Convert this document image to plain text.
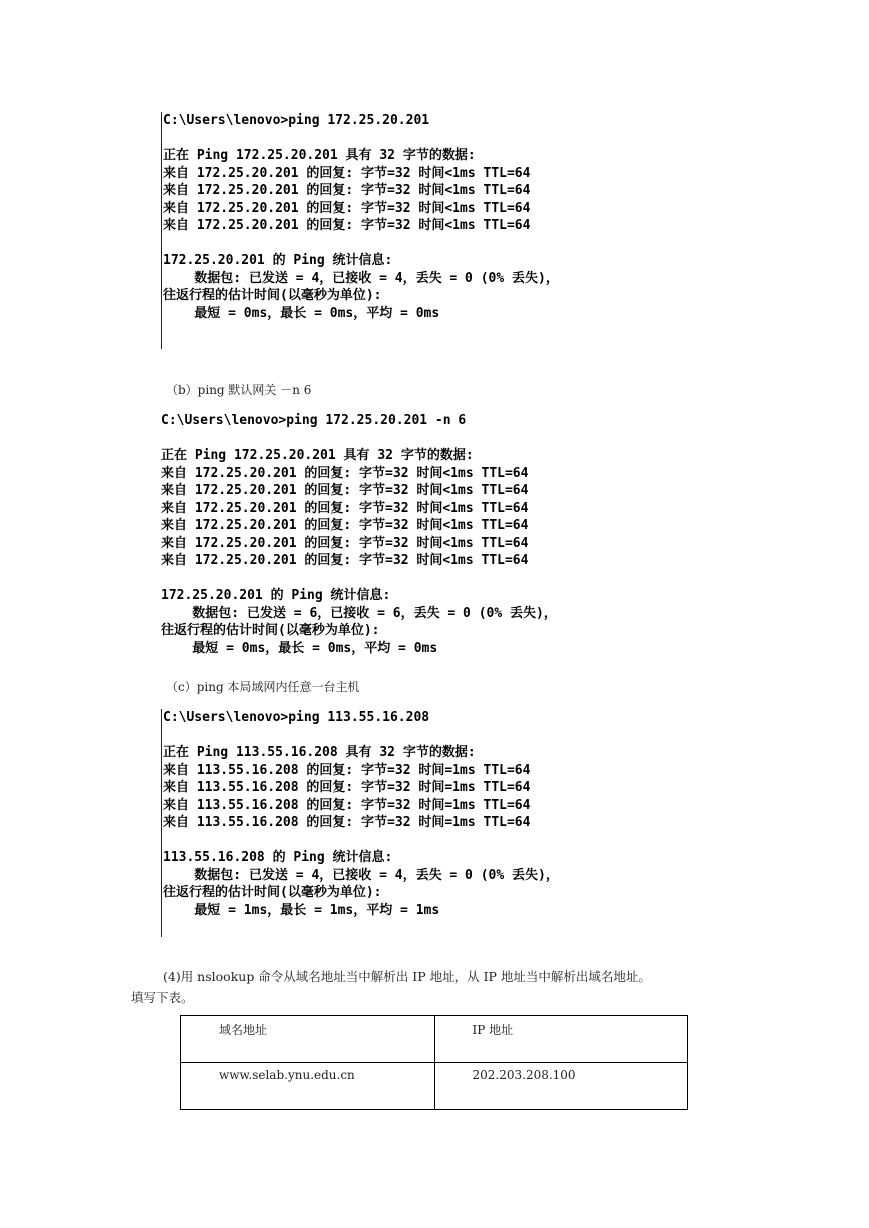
C:\Users\lenovo>ping 172.25.20.201
正在 Ping 172.25.20.201 具有 32 字节的数据:
来自 172.25.20.201 的回复: 字节=32 时间<1ms TTL=64
来自 172.25.20.201 的回复: 字节=32 时间<1ms TTL=64
来自 172.25.20.201 的回复: 字节=32 时间<1ms TTL=64
来自 172.25.20.201 的回复: 字节=32 时间<1ms TTL=64
172.25.20.201 的 Ping 统计信息:
数据包: 已发送 = 4，已接收 = 4，丢失 = 0 (0% 丢失)，
往返行程的估计时间(以毫秒为单位):
最短 = 0ms，最长 = 0ms，平均 = 0ms
（b）ping 默认网关 －n 6
C:\Users\lenovo>ping 172.25.20.201 -n 6
正在 Ping 172.25.20.201 具有 32 字节的数据:
来自 172.25.20.201 的回复: 字节=32 时间<1ms TTL=64
来自 172.25.20.201 的回复: 字节=32 时间<1ms TTL=64
来自 172.25.20.201 的回复: 字节=32 时间<1ms TTL=64
来自 172.25.20.201 的回复: 字节=32 时间<1ms TTL=64
来自 172.25.20.201 的回复: 字节=32 时间<1ms TTL=64
来自 172.25.20.201 的回复: 字节=32 时间<1ms TTL=64
172.25.20.201 的 Ping 统计信息:
数据包: 已发送 = 6，已接收 = 6，丢失 = 0 (0% 丢失)，
往返行程的估计时间(以毫秒为单位):
最短 = 0ms，最长 = 0ms，平均 = 0ms
（c）ping 本局域网内任意一台主机
C:\Users\lenovo>ping 113.55.16.208
正在 Ping 113.55.16.208 具有 32 字节的数据:
来自 113.55.16.208 的回复: 字节=32 时间=1ms TTL=64
来自 113.55.16.208 的回复: 字节=32 时间=1ms TTL=64
来自 113.55.16.208 的回复: 字节=32 时间=1ms TTL=64
来自 113.55.16.208 的回复: 字节=32 时间=1ms TTL=64
113.55.16.208 的 Ping 统计信息:
数据包: 已发送 = 4，已接收 = 4，丢失 = 0 (0% 丢失)，
往返行程的估计时间(以毫秒为单位):
最短 = 1ms，最长 = 1ms，平均 = 1ms
(4)用 nslookup 命令从域名地址当中解析出 IP 地址，从 IP 地址当中解析出域名地址。
填写下表。
域名地址	IP 地址
www.selab.ynu.edu.cn	202.203.208.100
